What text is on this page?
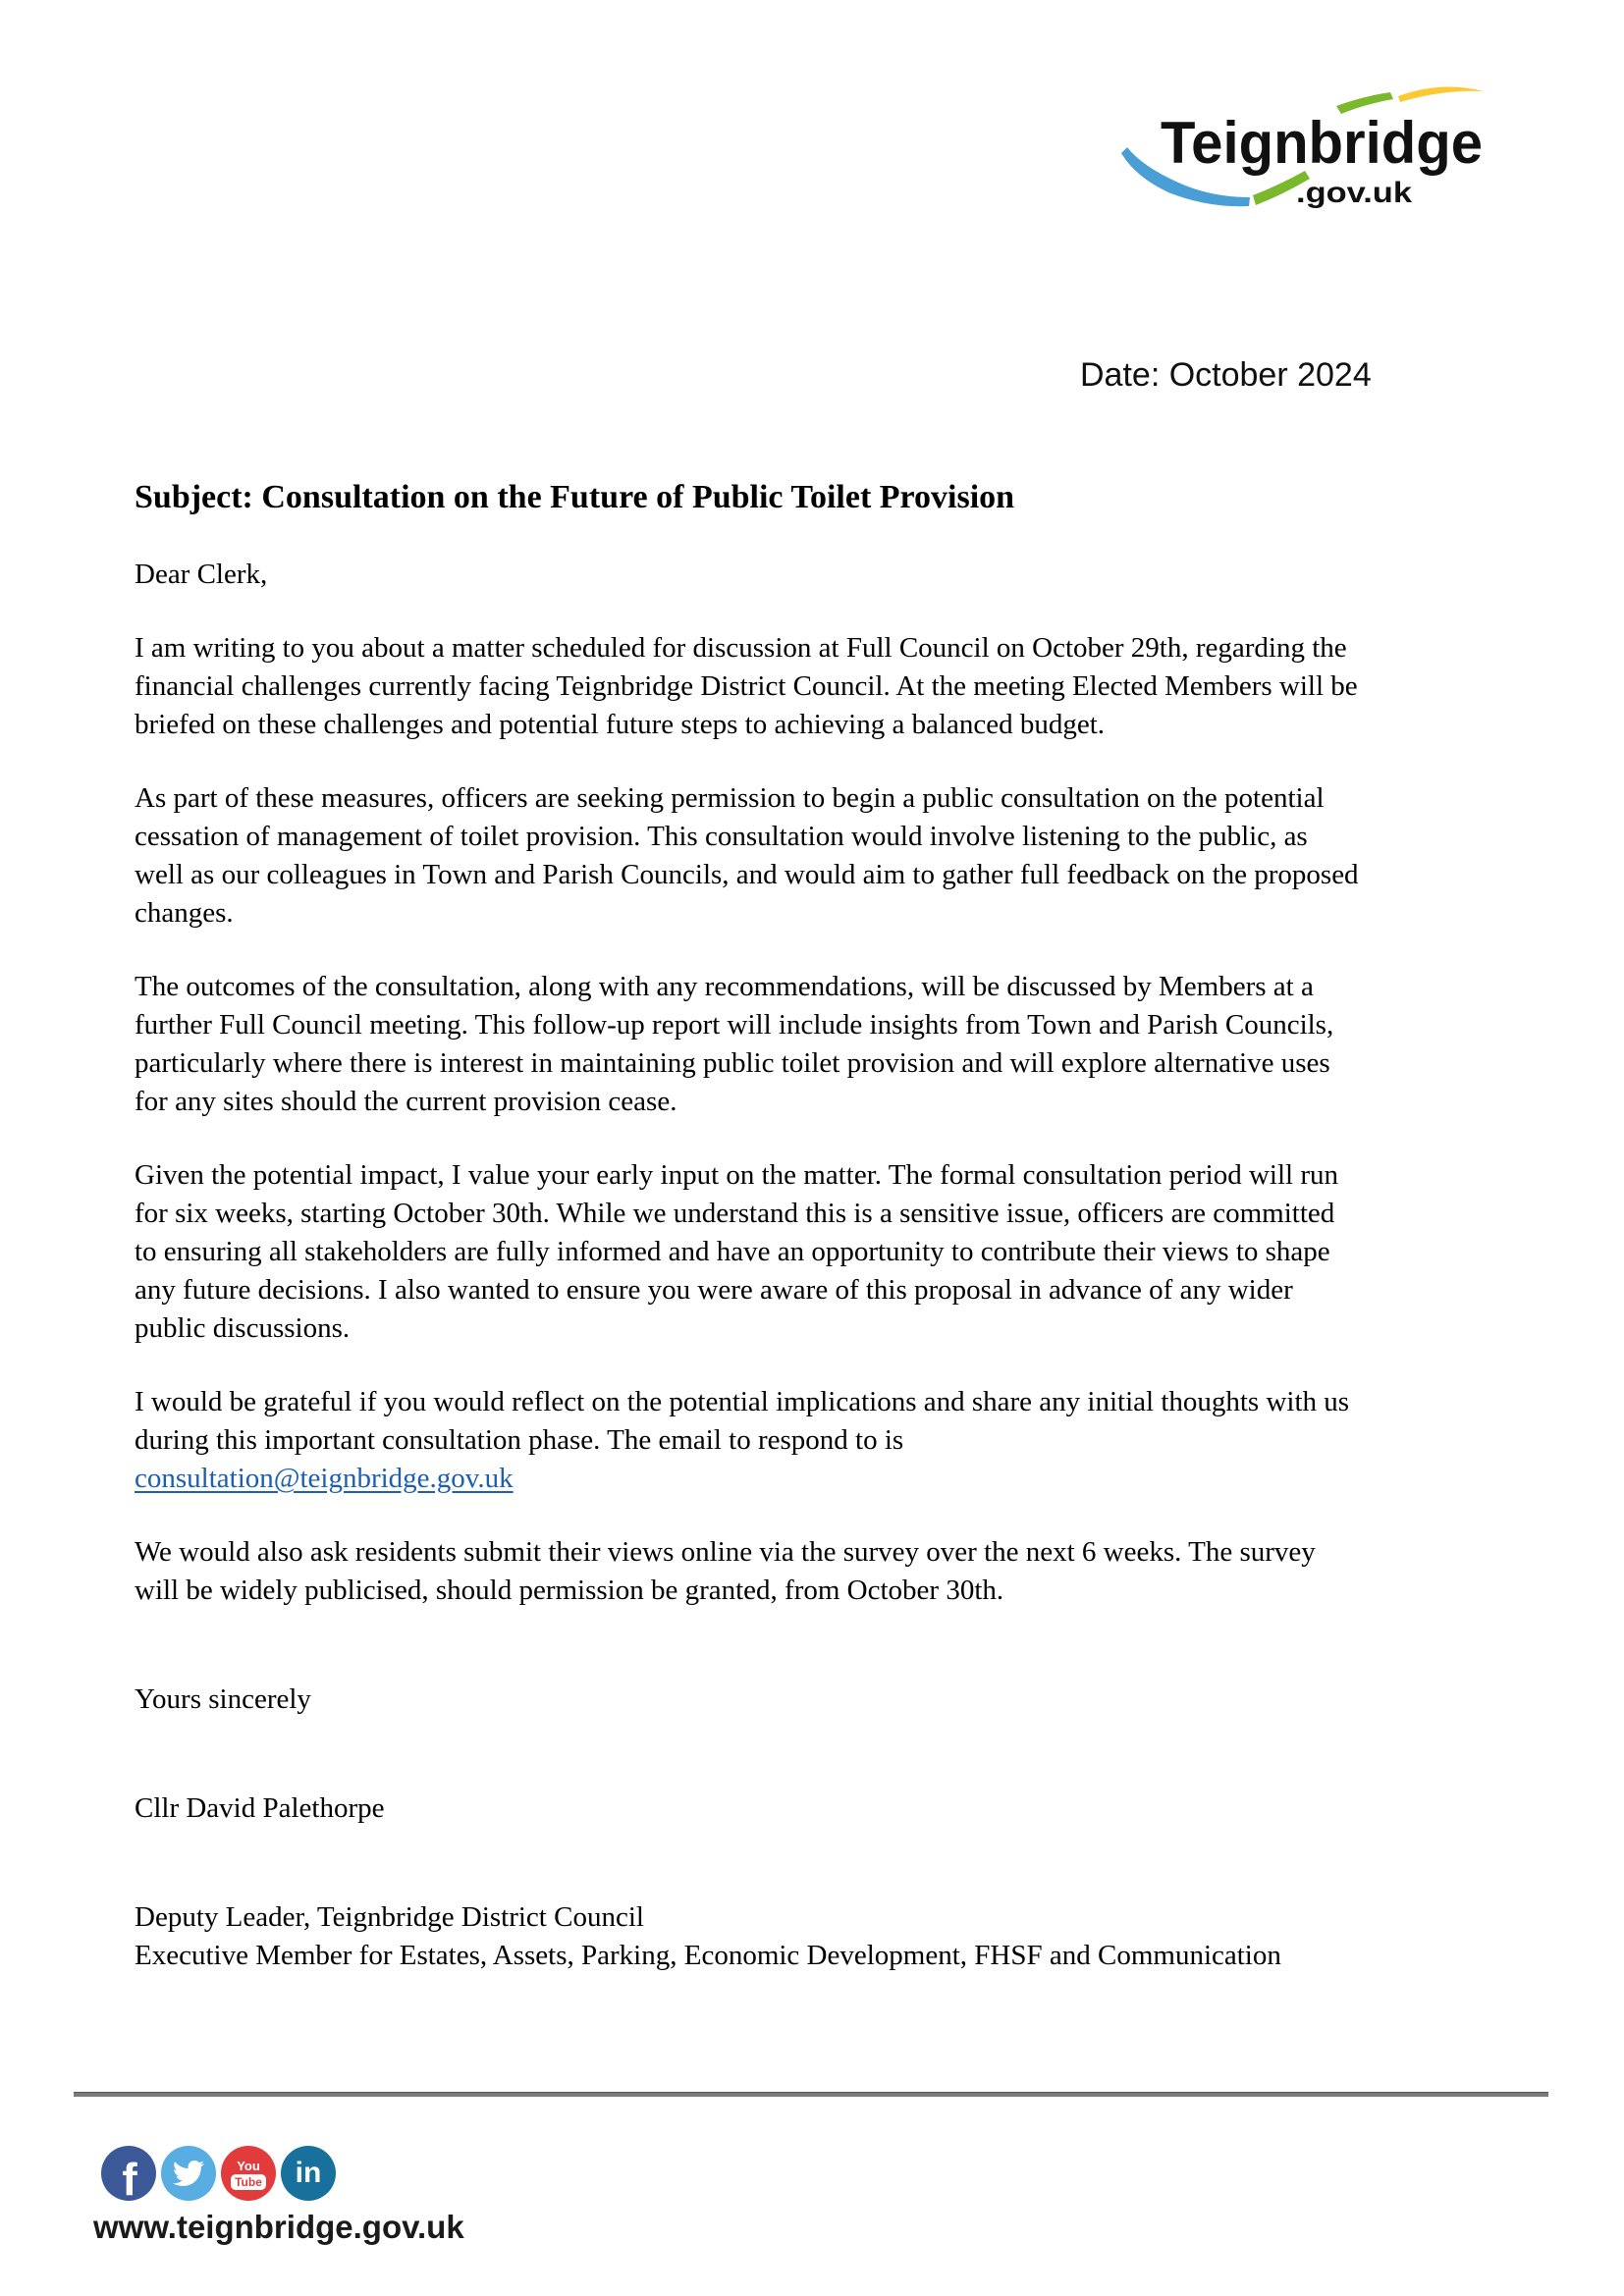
Teignbridge
.gov.uk
Date: October 2024

Subject: Consultation on the Future of Public Toilet Provision

Dear Clerk,

I am writing to you about a matter scheduled for discussion at Full Council on October 29th, regarding the financial challenges currently facing Teignbridge District Council. At the meeting Elected Members will be briefed on these challenges and potential future steps to achieving a balanced budget.

As part of these measures, officers are seeking permission to begin a public consultation on the potential cessation of management of toilet provision. This consultation would involve listening to the public, as well as our colleagues in Town and Parish Councils, and would aim to gather full feedback on the proposed changes.

The outcomes of the consultation, along with any recommendations, will be discussed by Members at a further Full Council meeting. This follow-up report will include insights from Town and Parish Councils, particularly where there is interest in maintaining public toilet provision and will explore alternative uses for any sites should the current provision cease.

Given the potential impact, I value your early input on the matter. The formal consultation period will run for six weeks, starting October 30th. While we understand this is a sensitive issue, officers are committed to ensuring all stakeholders are fully informed and have an opportunity to contribute their views to shape any future decisions. I also wanted to ensure you were aware of this proposal in advance of any wider public discussions.

I would be grateful if you would reflect on the potential implications and share any initial thoughts with us during this important consultation phase. The email to respond to is
consultation@teignbridge.gov.uk

We would also ask residents submit their views online via the survey over the next 6 weeks. The survey will be widely publicised, should permission be granted, from October 30th.

Yours sincerely

Cllr David Palethorpe

Deputy Leader, Teignbridge District Council
Executive Member for Estates, Assets, Parking, Economic Development, FHSF and Communication

f	You
Tube in
www.teignbridge.gov.uk
